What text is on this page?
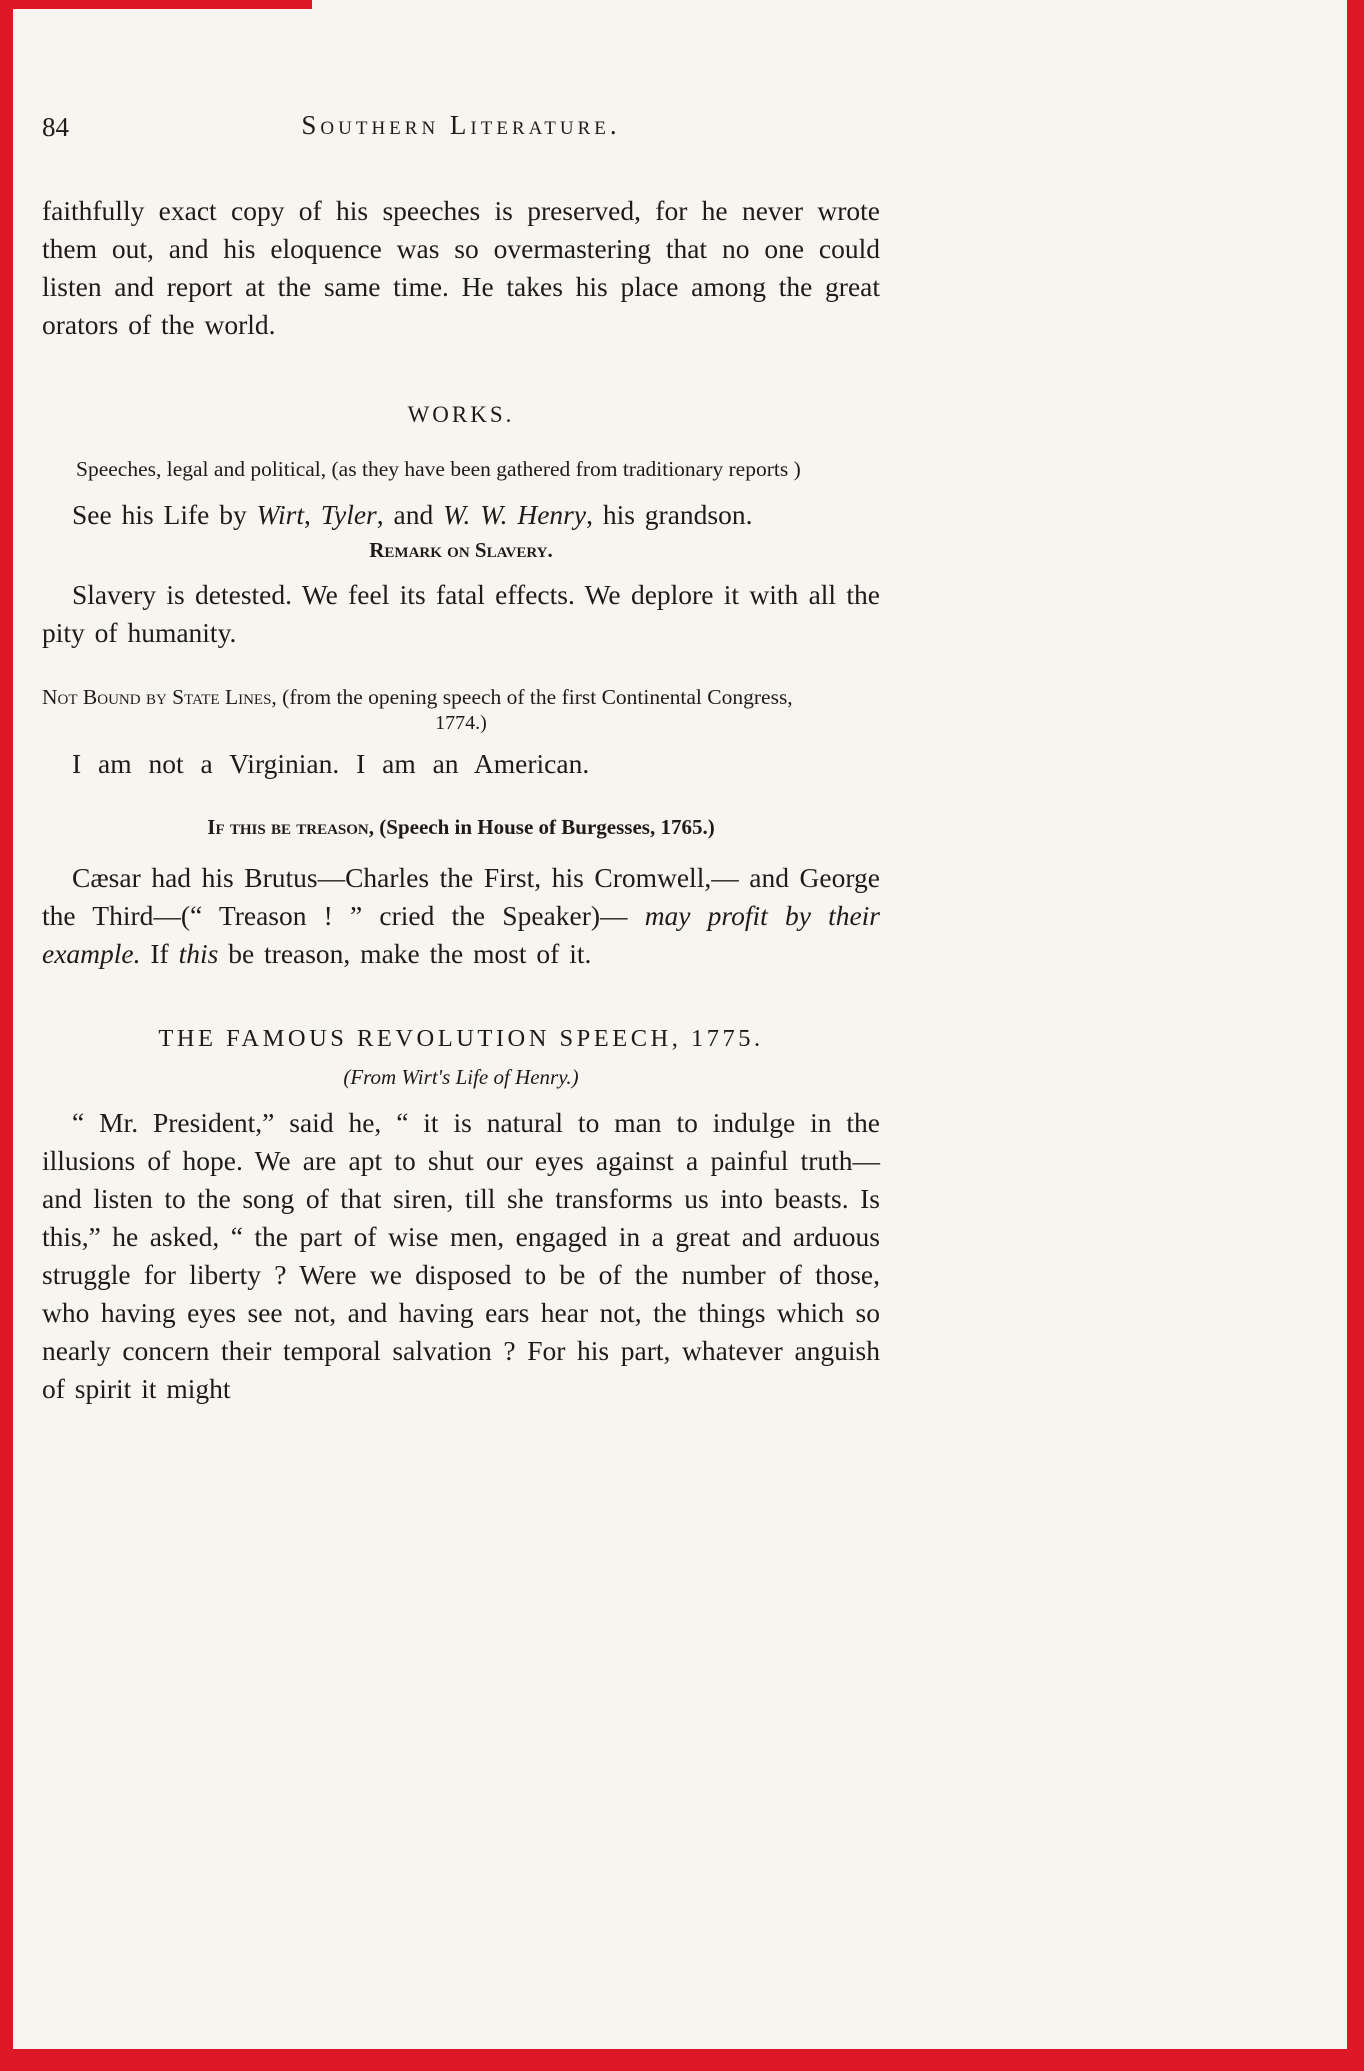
84	Southern Literature.

faithfully exact copy of his speeches is preserved, for he never wrote them out, and his eloquence was so overmastering that no one could listen and report at the same time. He takes his place among the great orators of the world.

WORKS.

Speeches, legal and political, (as they have been gathered from traditionary reports )

See his Life by Wirt, Tyler, and W. W. Henry, his grandson.

Remark on Slavery.

Slavery is detested. We feel its fatal effects. We deplore it with all the pity of humanity.

Not Bound by State Lines, (from the opening speech of the first Continental Congress,

1774.)

I am not a Virginian. I am an American.

If this be treason, (Speech in House of Burgesses, 1765.)

Cæsar had his Brutus—Charles the First, his Cromwell,— and George the Third—(“ Treason ! ” cried the Speaker)— may profit by their example. If this be treason, make the most of it.

THE FAMOUS REVOLUTION SPEECH, 1775.

(From Wirt's Life of Henry.)

“ Mr. President,” said he, “ it is natural to man to indulge in the illusions of hope. We are apt to shut our eyes against a painful truth—and listen to the song of that siren, till she transforms us into beasts. Is this,” he asked, “ the part of wise men, engaged in a great and arduous struggle for liberty ? Were we disposed to be of the number of those, who having eyes see not, and having ears hear not, the things which so nearly concern their temporal salvation ? For his part, whatever anguish of spirit it might
